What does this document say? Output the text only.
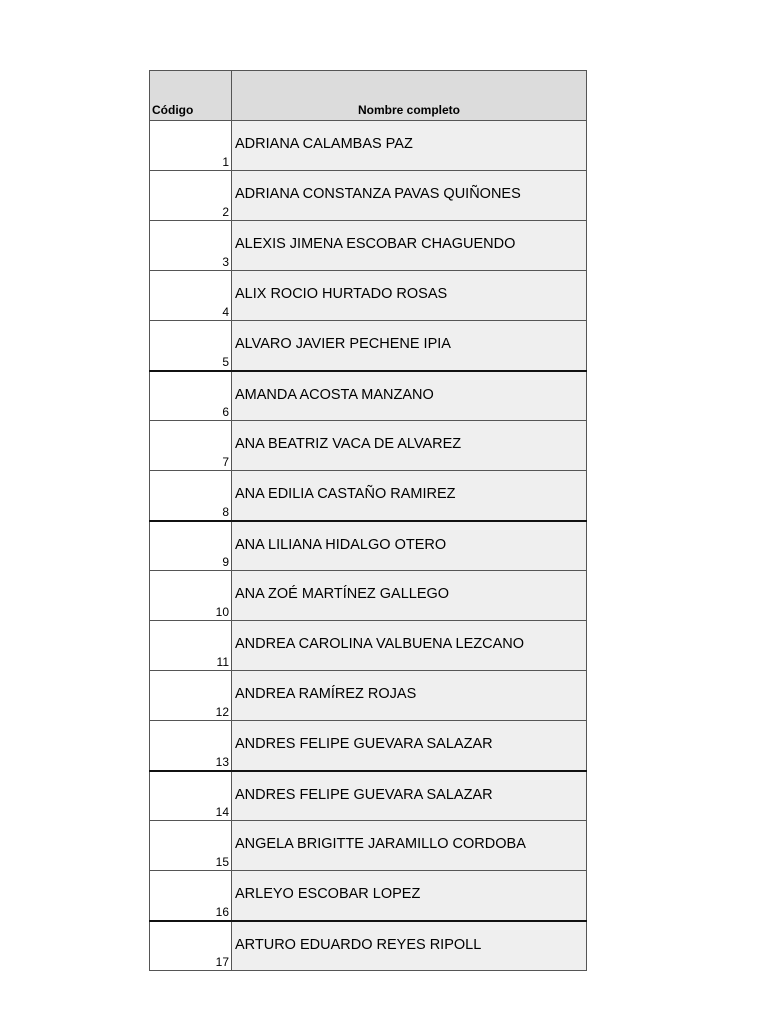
Código	Nombre completo
1	ADRIANA CALAMBAS PAZ
2	ADRIANA CONSTANZA PAVAS QUIÑONES
3	ALEXIS JIMENA ESCOBAR CHAGUENDO
4	ALIX ROCIO HURTADO ROSAS
5	ALVARO JAVIER PECHENE IPIA
6	AMANDA ACOSTA MANZANO
7	ANA BEATRIZ VACA DE ALVAREZ
8	ANA EDILIA CASTAÑO RAMIREZ
9	ANA LILIANA HIDALGO OTERO
10	ANA ZOÉ MARTÍNEZ GALLEGO
11	ANDREA CAROLINA VALBUENA LEZCANO
12	ANDREA RAMÍREZ ROJAS
13	ANDRES FELIPE GUEVARA SALAZAR
14	ANDRES FELIPE GUEVARA SALAZAR
15	ANGELA BRIGITTE JARAMILLO CORDOBA
16	ARLEYO ESCOBAR LOPEZ
17	ARTURO EDUARDO REYES RIPOLL
